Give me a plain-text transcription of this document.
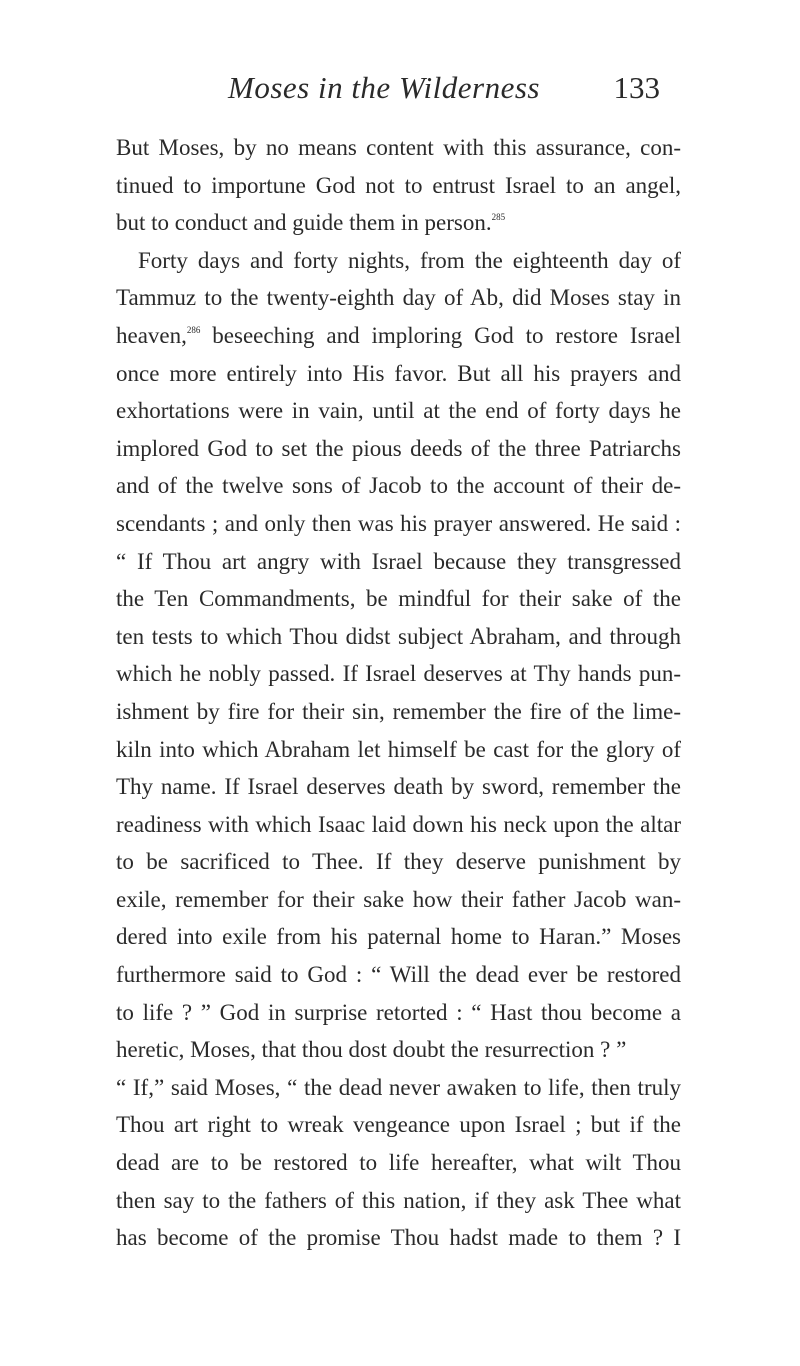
Moses in the Wilderness 133
But Moses, by no means content with this assurance, con-
tinued to importune God not to entrust Israel to an angel,
but to conduct and guide them in person.$^{285}$
Forty days and forty nights, from the eighteenth day of
Tammuz to the twenty-eighth day of Ab, did Moses stay in
heaven,$^{286}$ beseeching and imploring God to restore Israel
once more entirely into His favor. But all his prayers and
exhortations were in vain, until at the end of forty days he
implored God to set the pious deeds of the three Patriarchs
and of the twelve sons of Jacob to the account of their de-
scendants ; and only then was his prayer answered. He said :
“ If Thou art angry with Israel because they transgressed
the Ten Commandments, be mindful for their sake of the
ten tests to which Thou didst subject Abraham, and through
which he nobly passed. If Israel deserves at Thy hands pun-
ishment by fire for their sin, remember the fire of the lime-
kiln into which Abraham let himself be cast for the glory of
Thy name. If Israel deserves death by sword, remember the
readiness with which Isaac laid down his neck upon the altar
to be sacrificed to Thee. If they deserve punishment by
exile, remember for their sake how their father Jacob wan-
dered into exile from his paternal home to Haran.” Moses
furthermore said to God : “ Will the dead ever be restored
to life ? ” God in surprise retorted : “ Hast thou become a
heretic, Moses, that thou dost doubt the resurrection ? ”
“ If,” said Moses, “ the dead never awaken to life, then truly
Thou art right to wreak vengeance upon Israel ; but if the
dead are to be restored to life hereafter, what wilt Thou
then say to the fathers of this nation, if they ask Thee what
has become of the promise Thou hadst made to them ? I
